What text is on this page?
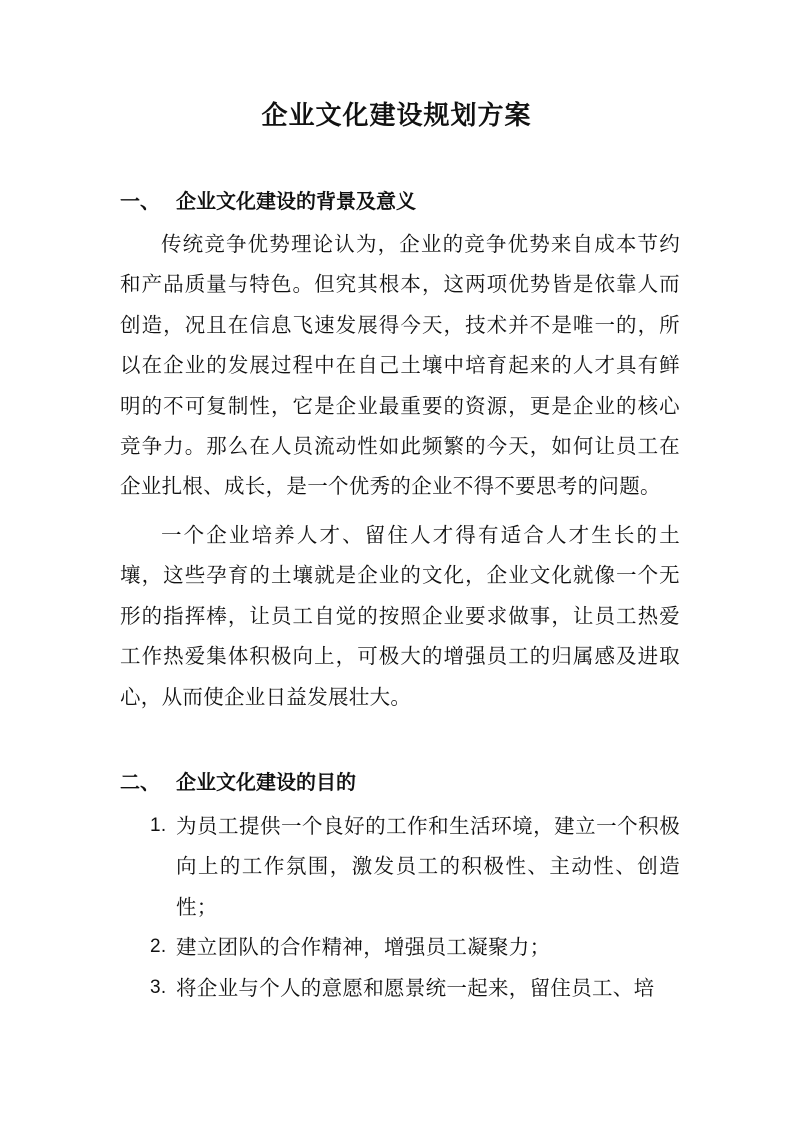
企业文化建设规划方案
一、 企业文化建设的背景及意义

传统竞争优势理论认为，企业的竞争优势来自成本节约和产品质量与特色。但究其根本，这两项优势皆是依靠人而创造，况且在信息飞速发展得今天，技术并不是唯一的，所以在企业的发展过程中在自己土壤中培育起来的人才具有鲜明的不可复制性，它是企业最重要的资源，更是企业的核心竞争力。那么在人员流动性如此频繁的今天，如何让员工在企业扎根、成长，是一个优秀的企业不得不要思考的问题。

一个企业培养人才、留住人才得有适合人才生长的土壤，这些孕育的土壤就是企业的文化，企业文化就像一个无形的指挥棒，让员工自觉的按照企业要求做事，让员工热爱工作热爱集体积极向上，可极大的增强员工的归属感及进取心，从而使企业日益发展壮大。

二、 企业文化建设的目的
1. 为员工提供一个良好的工作和生活环境，建立一个积极向上的工作氛围，激发员工的积极性、主动性、创造性；
2. 建立团队的合作精神，增强员工凝聚力；
3. 将企业与个人的意愿和愿景统一起来，留住员工、培
